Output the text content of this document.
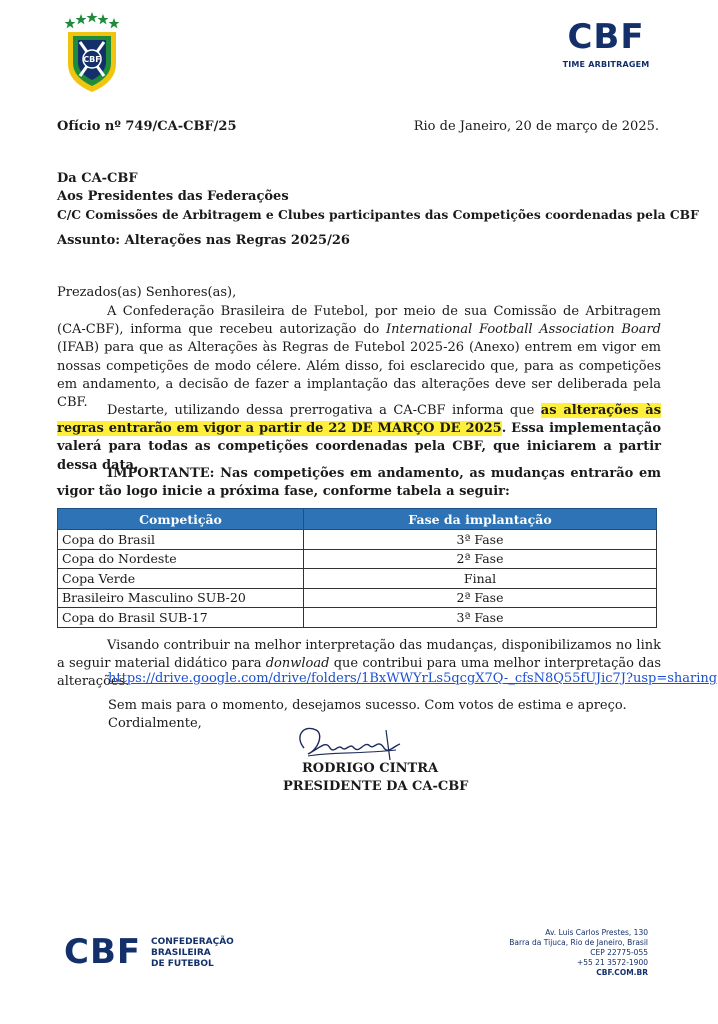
CBF
CBF
TIME ARBITRAGEM
Ofício nº 749/CA-CBF/25	Rio de Janeiro, 20 de março de 2025.
Da CA-CBF
Aos Presidentes das Federações
C/C Comissões de Arbitragem e Clubes participantes das Competições coordenadas pela CBF
Assunto: Alterações nas Regras 2025/26
Prezados(as) Senhores(as),
A Confederação Brasileira de Futebol, por meio de sua Comissão de Arbitragem (CA-CBF), informa que recebeu autorização do International Football Association Board (IFAB) para que as Alterações às Regras de Futebol 2025-26 (Anexo) entrem em vigor em nossas competições de modo célere. Além disso, foi esclarecido que, para as competições em andamento, a decisão de fazer a implantação das alterações deve ser deliberada pela CBF.
Destarte, utilizando dessa prerrogativa a CA-CBF informa que as alterações às regras entrarão em vigor a partir de 22 DE MARÇO DE 2025. Essa implementação valerá para todas as competições coordenadas pela CBF, que iniciarem a partir dessa data.
IMPORTANTE: Nas competições em andamento, as mudanças entrarão em vigor tão logo inicie a próxima fase, conforme tabela a seguir:
Competição	Fase da implantação
Copa do Brasil	3ª Fase
Copa do Nordeste	2ª Fase
Copa Verde	Final
Brasileiro Masculino SUB-20	2ª Fase
Copa do Brasil SUB-17	3ª Fase
Visando contribuir na melhor interpretação das mudanças, disponibilizamos no link a seguir material didático para donwload que contribui para uma melhor interpretação das alterações.
https://drive.google.com/drive/folders/1BxWWYrLs5qcgX7Q-_cfsN8Q55fUJic7J?usp=sharing
Sem mais para o momento, desejamos sucesso. Com votos de estima e apreço.
Cordialmente,
RODRIGO CINTRA
PRESIDENTE DA CA-CBF
CBF CONFEDERAÇÃO
BRASILEIRA
DE FUTEBOL
Av. Luis Carlos Prestes, 130
Barra da Tijuca, Rio de Janeiro, Brasil
CEP 22775-055
+55 21 3572-1900
CBF.COM.BR
